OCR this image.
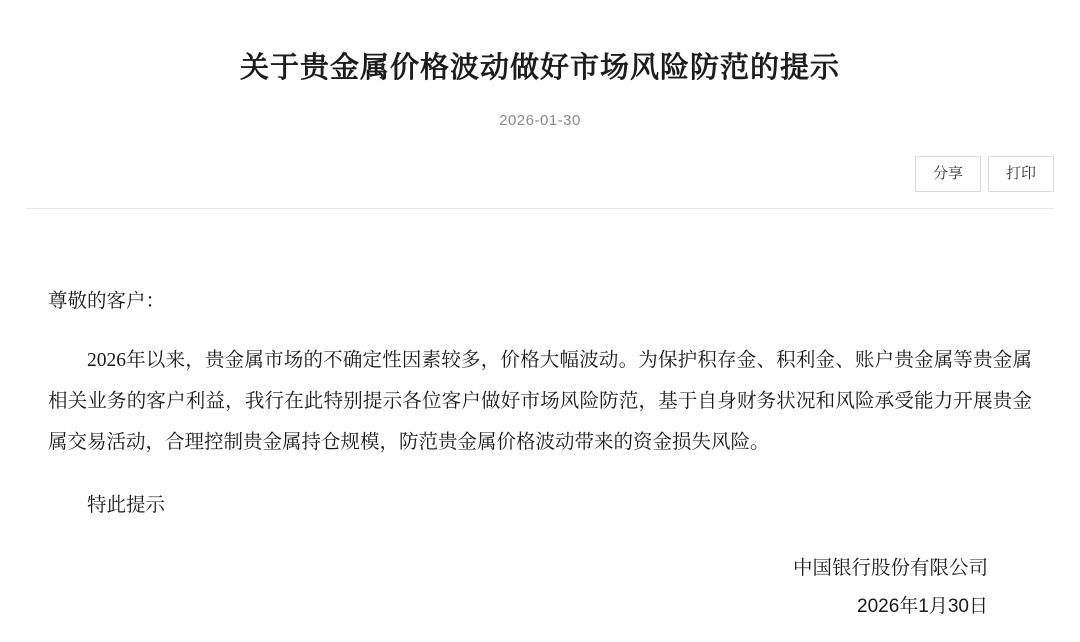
关于贵金属价格波动做好市场风险防范的提示
2026-01-30
分享	打印

尊敬的客户：

2026年以来，贵金属市场的不确定性因素较多，价格大幅波动。为保护积存金、积利金、账户贵金属等贵金属相关业务的客户利益，我行在此特别提示各位客户做好市场风险防范，基于自身财务状况和风险承受能力开展贵金属交易活动，合理控制贵金属持仓规模，防范贵金属价格波动带来的资金损失风险。

特此提示

中国银行股份有限公司
2026年1月30日
